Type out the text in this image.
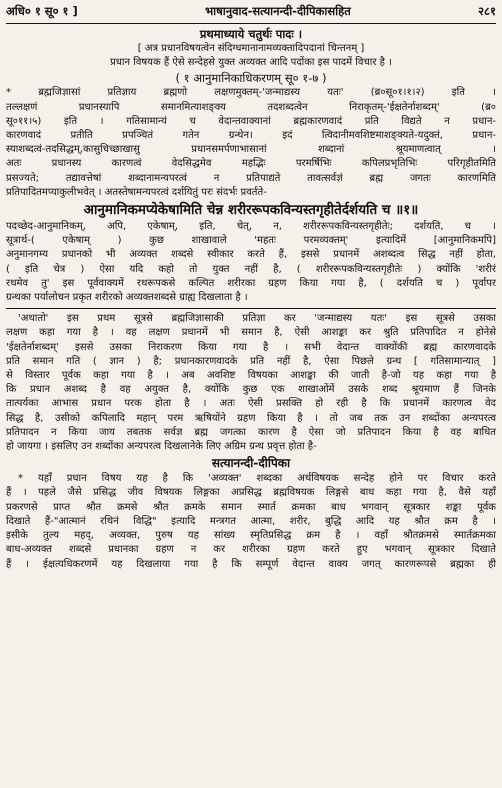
अधि० १ सू० १ ]	भाषानुवाद-सत्यानन्दी-दीपिकासहित	२८१
प्रथमाध्याये चतुर्थः पादः ।
[ अत्र प्रधानविषयत्वेन संदिग्धमानानामव्यक्तादिपदानां चिन्तनम् ]
प्रधान विषयक हैं ऐसे सन्देहसे युक्त अव्यक्त आदि पदोंका इस पादमें विचार है ।
( १ आनुमानिकाधिकरणम् सू० १-७ )
* ब्रह्मजिज्ञासां प्रतिज्ञाय ब्रह्मणो लक्षणमुक्तम्-'जन्माद्यस्य यतः' (ब्र०सू०१।१।२) इति ।
तल्लक्षणं प्रधानस्यापि समानमित्याशङ्क्य तदशब्दत्वेन निराकृतम्-'ईक्षतेर्नाशब्दम्' (ब्र०
सू०११।५) इति । गतिसामान्यं च वेदान्तवाक्यानां ब्रह्मकारणवादं प्रति विद्यते न प्रधान-
कारणवादं प्रतीति प्रपञ्चितं गतेन ग्रन्थेन। इदं त्विदानीमवशिष्टमाशङ्क्यते-यदुक्तं, प्रधान-
स्याशब्दत्वं-तदसिद्धम्,कासुचिच्छाखासु प्रधानसमर्पणाभासानां शब्दानां श्रूयमाणत्वात् ।
अतः प्रधानस्य कारणत्वं वेदसिद्धमेव महद्भिः परमर्षिभिः कपिलप्रभृतिभिः परिगृहीतमिति
प्रसज्यते; तद्यावत्तेषां शब्दानामन्यपरत्वं न प्रतिपाद्यते तावत्सर्वज्ञं ब्रह्म जगतः कारणमिति
प्रतिपादितमप्याकुलीभवेत् । अतस्तेषामन्यपरत्वं दर्शयितुं परः संदर्भः प्रवर्तते-
आनुमानिकमप्येकेषामिति चेन्न शरीररूपकविन्यस्तगृहीतेर्दर्शयति च ॥१॥
पदच्छेद-आनुमानिकम्, अपि, एकेषाम्, इति, चेत्, न, शरीररूपकविन्यस्तगृहीतेः; दर्शयति, च ।
सूत्रार्थ-( एकेषाम् ) कुछ शाखावाले 'महतः परमव्यक्तम्' इत्यादिमें [आनुमानिकमपि]
अनुमानगम्य प्रधानको भी अव्यक्त शब्दसे स्वीकार करते हैं, इससे प्रधानमें अशब्दत्व सिद्ध नहीं होता,
( इति चेत्र ) ऐसा यदि कहो तो युक्त नहीं है, ( शरीररूपकविन्यस्तगृहीतेः ) क्योंकि 'शरीरं
रथमेव तु' इस पूर्ववाक्यमें रथरूपकसे कल्पित शरीरका ग्रहण किया गया है, ( दर्शयति च ) पूर्वापर
ग्रन्थका पर्यालोचन प्रकृत शरीरको अव्यक्तशब्दसे ग्राह्य दिखलाता है ।
'अथातो' इस प्रथम सूत्रसे ब्रह्मजिज्ञासाकी प्रतिज्ञा कर 'जन्माद्यस्य यतः' इस सूत्रसे उसका
लक्षण कहा गया है । वह लक्षण प्रधानमें भी समान है, ऐसी आशङ्का कर श्रुति प्रतिपादित न होनेसे
'ईक्षतेर्नाशब्दम्' इससे उसका निराकरण किया गया है । सभी वेदान्त वाक्योंकी ब्रह्म कारणवादके
प्रति समान गति ( ज्ञान ) है; प्रधानकारणवादके प्रति नहीं है, ऐसा पिछले ग्रन्थ [ गतिसामान्यात् ]
से विस्तार पूर्वक कहा गया है । अब अवशिष्ट विषयका आशङ्का की जाती है-जो यह कहा गया है
कि प्रधान अशब्द है वह अयुक्त है, क्योंकि कुछ एक शाखाओंमें उसके शब्द श्रूयमाण हैं जिनके
तात्पर्यका आभास प्रधान परक होता है । अतः ऐसी प्रसक्ति हो रही है कि प्रधानमें कारणत्व वेद
सिद्ध है, उसीको कपिलादि महान् परम ऋषियोंने ग्रहण किया है । तो जब तक उन शब्दोंका अन्यपरत्व
प्रतिपादन न किया जाय तबतक सर्वज्ञ ब्रह्म जगत्का कारण है ऐसा जो प्रतिपादन किया है वह बाधित
हो जायगा । इसलिए उन शब्दोंका अन्यपरत्व दिखलानेके लिए अग्रिम ग्रन्थ प्रवृत्त होता है-
सत्यानन्दी-दीपिका
* यहाँ प्रधान विषय यह है कि 'अव्यक्त' शब्दका अर्थविषयक सन्देह होने पर विचार करते
हैं । पहले जैसे प्रसिद्ध जीव विषयक लिङ्गका अप्रसिद्ध ब्रह्मविषयक लिङ्गसे बाध कहा गया है, वैसे यहाँ
प्रकरणसे प्राप्त श्रौत क्रमसे श्रौत क्रमके समान स्मार्त क्रमका बाध भगवान् सूत्रकार शङ्का पूर्वक
दिखाते हैं-"आत्मानं रथिनं विद्धि" इत्यादि मन्त्रगत आत्मा, शरीर, बुद्धि आदि यह श्रौत क्रम है ।
इसीके तुल्य महद्, अव्यक्त, पुरुष यह सांख्य स्मृतिप्रसिद्ध क्रम है । वहाँ श्रौतक्रमसे स्मार्तक्रमका
बाध-अव्यक्त शब्दसे प्रधानका ग्रहण न कर शरीरका ग्रहण करते हुए भगवान् सूत्रकार दिखाते
हैं । ईक्षत्यधिकरणमें यह दिखलाया गया है कि सम्पूर्ण वेदान्त वाक्य जगत् कारणरूपसे ब्रह्मका ही
